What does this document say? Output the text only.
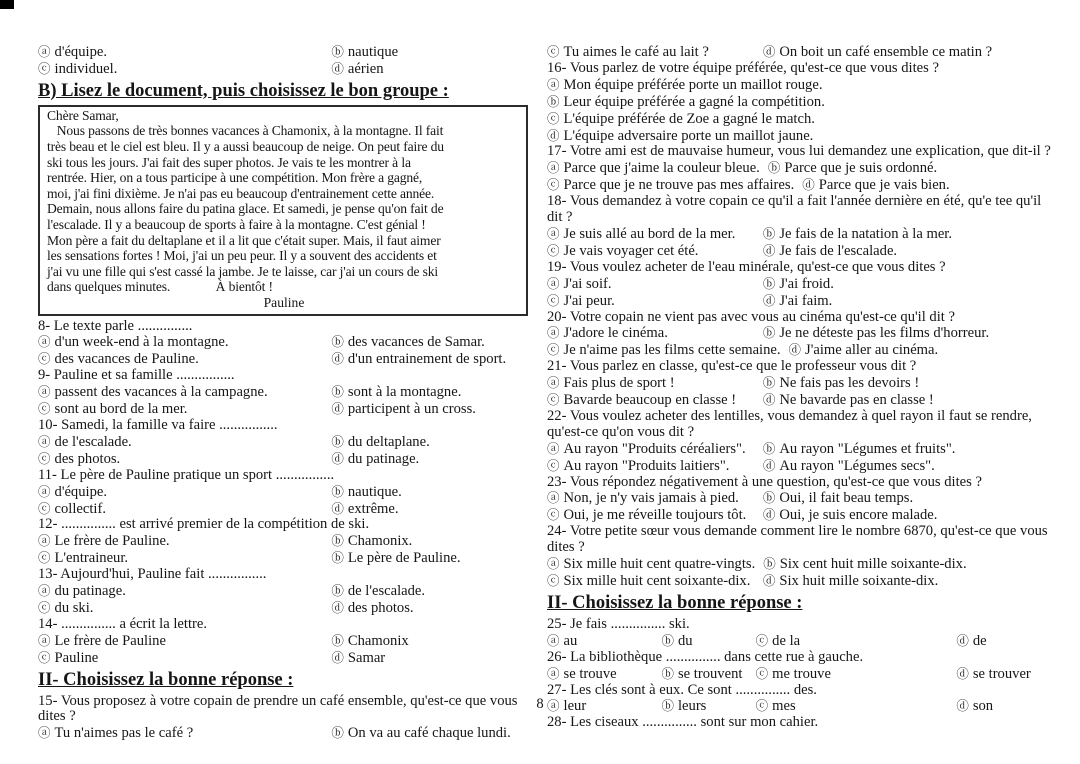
ⓐ d'équipe.	ⓑ nautique
ⓒ individuel.	ⓓ aérien
B) Lisez le document, puis choisissez le bon groupe :
Chère Samar,
Nous passons de très bonnes vacances à Chamonix, à la montagne. Il fait
très beau et le ciel est bleu. Il y a aussi beaucoup de neige. On peut faire du
ski tous les jours. J'ai fait des super photos. Je vais te les montrer à la
rentrée. Hier, on a tous participe à une compétition. Mon frère a gagné,
moi, j'ai fini dixième. Je n'ai pas eu beaucoup d'entrainement cette année.
Demain, nous allons faire du patina glace. Et samedi, je pense qu'on fait de
l'escalade. Il y a beaucoup de sports à faire à la montagne. C'est génial !
Mon père a fait du deltaplane et il a lit que c'était super. Mais, il faut aimer
les sensations fortes ! Moi, j'ai un peu peur. Il y a souvent des accidents et
j'ai vu une fille qui s'est cassé la jambe. Je te laisse, car j'ai un cours de ski
dans quelques minutes.              À bientôt !
Pauline
8- Le texte parle ...............
ⓐ d'un week-end à la montagne.	ⓑ des vacances de Samar.
ⓒ des vacances de Pauline.	ⓓ d'un entrainement de sport.
9- Pauline et sa famille ................
ⓐ passent des vacances à la campagne.	ⓑ sont à la montagne.
ⓒ sont au bord de la mer.	ⓓ participent à un cross.
10- Samedi, la famille va faire ................
ⓐ de l'escalade.	ⓑ du deltaplane.
ⓒ des photos.	ⓓ du patinage.
11- Le père de Pauline pratique un sport ................
ⓐ d'équipe.	ⓑ nautique.
ⓒ collectif.	ⓓ extrême.
12- ............... est arrivé premier de la compétition de ski.
ⓐ Le frère de Pauline.	ⓑ Chamonix.
ⓒ L'entraineur.	ⓑ Le père de Pauline.
13- Aujourd'hui, Pauline fait ................
ⓐ du patinage.	ⓑ de l'escalade.
ⓒ du ski.	ⓓ des photos.
14- ............... a écrit la lettre.
ⓐ Le frère de Pauline	ⓑ Chamonix
ⓒ Pauline	ⓓ Samar
II- Choisissez la bonne réponse :
15- Vous proposez à votre copain de prendre un café ensemble, qu'est-ce que vous dites ?
ⓐ Tu n'aimes pas le café ?	ⓑ On va au café chaque lundi.
ⓒ Tu aimes le café au lait ?	ⓓ On boit un café ensemble ce matin ?
16- Vous parlez de votre équipe préférée, qu'est-ce que vous dites ?
ⓐ Mon équipe préférée porte un maillot rouge.
ⓑ Leur équipe préférée a gagné la compétition.
ⓒ L'équipe préférée de Zoe a gagné le match.
ⓓ L'équipe adversaire porte un maillot jaune.
17- Votre ami est de mauvaise humeur, vous lui demandez une explication, que dit-il ?
ⓐ Parce que j'aime la couleur bleue. ⓑ Parce que je suis ordonné.
ⓒ Parce que je ne trouve pas mes affaires. ⓓ Parce que je vais bien.
18- Vous demandez à votre copain ce qu'il a fait l'année dernière en été, qu'e tee qu'il dit ?
ⓐ Je suis allé au bord de la mer.	ⓑ Je fais de la natation à la mer.
ⓒ Je vais voyager cet été.	ⓓ Je fais de l'escalade.
19- Vous voulez acheter de l'eau minérale, qu'est-ce que vous dites ?
ⓐ J'ai soif.	ⓑ J'ai froid.
ⓒ J'ai peur.	ⓓ J'ai faim.
20- Votre copain ne vient pas avec vous au cinéma qu'est-ce qu'il dit ?
ⓐ J'adore le cinéma.	ⓑ Je ne déteste pas les films d'horreur.
ⓒ Je n'aime pas les films cette semaine. ⓓ J'aime aller au cinéma.
21- Vous parlez en classe, qu'est-ce que le professeur vous dit ?
ⓐ Fais plus de sport !	ⓑ Ne fais pas les devoirs !
ⓒ Bavarde beaucoup en classe !	ⓓ Ne bavarde pas en classe !
22- Vous voulez acheter des lentilles, vous demandez à quel rayon il faut se rendre, qu'est-ce qu'on vous dit ?
ⓐ Au rayon "Produits céréaliers".	ⓑ Au rayon "Légumes et fruits".
ⓒ Au rayon "Produits laitiers".	ⓓ Au rayon "Légumes secs".
23- Vous répondez négativement à une question, qu'est-ce que vous dites ?
ⓐ Non, je n'y vais jamais à pied.	ⓑ Oui, il fait beau temps.
ⓒ Oui, je me réveille toujours tôt.	ⓓ Oui, je suis encore malade.
24- Votre petite sœur vous demande comment lire le nombre 6870, qu'est-ce que vous dites ?
ⓐ Six mille huit cent quatre-vingts. ⓑ Six cent huit mille soixante-dix.
ⓒ Six mille huit cent soixante-dix. ⓓ Six huit mille soixante-dix.
II- Choisissez la bonne réponse :
25- Je fais ............... ski.
ⓐ au	ⓑ du	ⓒ de la	ⓓ de
26- La bibliothèque ............... dans cette rue à gauche.
ⓐ se trouve	ⓑ se trouvent	ⓒ me trouve	ⓓ se trouver
27- Les clés sont à eux. Ce sont ............... des.
ⓐ leur	ⓑ leurs	ⓒ mes	ⓓ son
28- Les ciseaux ............... sont sur mon cahier.
8
